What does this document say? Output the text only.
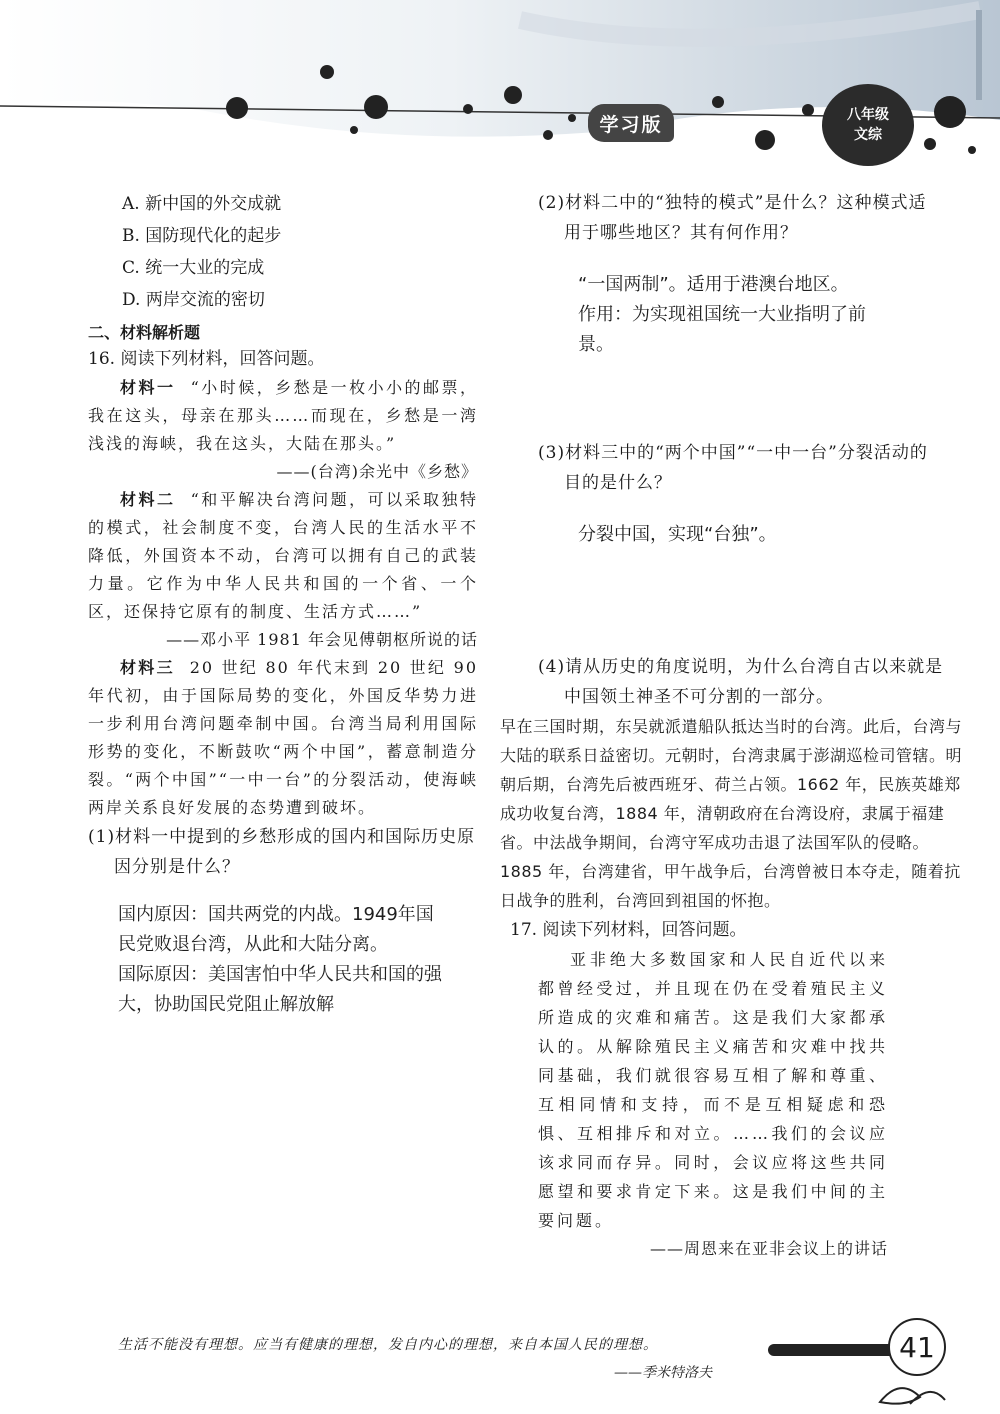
学习版	八年级
文综
A. 新中国的外交成就
B. 国防现代化的起步
C. 统一大业的完成
D. 两岸交流的密切
二、材料解析题
16. 阅读下列材料，回答问题。
材料一 “小时候，乡愁是一枚小小的邮票，我在这头，母亲在那头……而现在，乡愁是一湾浅浅的海峡，我在这头，大陆在那头。”
——(台湾)余光中《乡愁》
材料二 “和平解决台湾问题，可以采取独特的模式，社会制度不变，台湾人民的生活水平不降低，外国资本不动，台湾可以拥有自己的武装力量。它作为中华人民共和国的一个省、一个区，还保持它原有的制度、生活方式……”
——邓小平 1981 年会见傅朝枢所说的话
材料三 20 世纪 80 年代末到 20 世纪 90 年代初，由于国际局势的变化，外国反华势力进一步利用台湾问题牵制中国。台湾当局利用国际形势的变化，不断鼓吹“两个中国”，蓄意制造分裂。“两个中国”“一中一台”的分裂活动，使海峡两岸关系良好发展的态势遭到破坏。
(1)材料一中提到的乡愁形成的国内和国际历史原因分别是什么？
国内原因：国共两党的内战。1949年国民党败退台湾，从此和大陆分离。
国际原因：美国害怕中华人民共和国的强大，协助国民党阻止解放解
(2)材料二中的“独特的模式”是什么？这种模式适用于哪些地区？其有何作用？
“一国两制”。适用于港澳台地区。
作用：为实现祖国统一大业指明了前景。
(3)材料三中的“两个中国”“一中一台”分裂活动的目的是什么？
分裂中国，实现“台独”。
(4)请从历史的角度说明，为什么台湾自古以来就是中国领土神圣不可分割的一部分。
早在三国时期，东吴就派遣船队抵达当时的台湾。此后，台湾与大陆的联系日益密切。元朝时，台湾隶属于澎湖巡检司管辖。明朝后期，台湾先后被西班牙、荷兰占领。1662 年，民族英雄郑成功收复台湾，1884 年，清朝政府在台湾设府，隶属于福建省。中法战争期间，台湾守军成功击退了法国军队的侵略。1885 年，台湾建省，甲午战争后，台湾曾被日本夺走，随着抗日战争的胜利，台湾回到祖国的怀抱。
17. 阅读下列材料，回答问题。
亚非绝大多数国家和人民自近代以来都曾经受过，并且现在仍在受着殖民主义所造成的灾难和痛苦。这是我们大家都承认的。从解除殖民主义痛苦和灾难中找共同基础，我们就很容易互相了解和尊重、互相同情和支持，而不是互相疑虑和恐惧、互相排斥和对立。……我们的会议应该求同而存异。同时，会议应将这些共同愿望和要求肯定下来。这是我们中间的主要问题。
——周恩来在亚非会议上的讲话
生活不能没有理想。应当有健康的理想，发自内心的理想，来自本国人民的理想。
——季米特洛夫
41
